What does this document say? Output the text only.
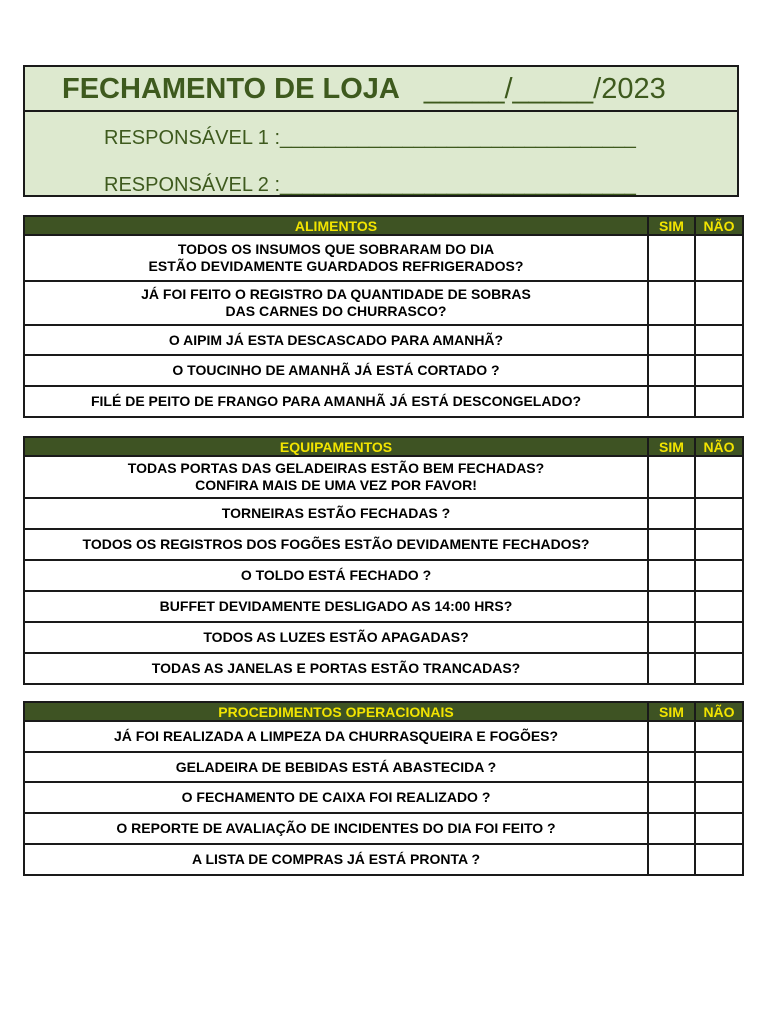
FECHAMENTO DE LOJA _____/_____/2023
RESPONSÁVEL 1 :________________________________
RESPONSÁVEL 2 :________________________________
ALIMENTOS	SIM	NÃO

TODOS OS INSUMOS QUE SOBRARAM DO DIA
ESTÃO DEVIDAMENTE GUARDADOS REFRIGERADOS?		

JÁ FOI FEITO O REGISTRO DA QUANTIDADE DE SOBRAS
DAS CARNES DO CHURRASCO?		

O AIPIM JÁ ESTA DESCASCADO PARA AMANHÃ?		

O TOUCINHO DE AMANHÃ JÁ ESTÁ CORTADO ?		

FILÉ DE PEITO DE FRANGO PARA AMANHÃ JÁ ESTÁ DESCONGELADO?		

EQUIPAMENTOS	SIM	NÃO

TODAS PORTAS DAS GELADEIRAS ESTÃO BEM FECHADAS?
CONFIRA MAIS DE UMA VEZ POR FAVOR!		

TORNEIRAS ESTÃO FECHADAS ?		

TODOS OS REGISTROS DOS FOGÕES ESTÃO DEVIDAMENTE FECHADOS?		

O TOLDO ESTÁ FECHADO ?		

BUFFET DEVIDAMENTE DESLIGADO AS 14:00 HRS?		

TODOS AS LUZES ESTÃO APAGADAS?		

TODAS AS JANELAS E PORTAS ESTÃO TRANCADAS?		

PROCEDIMENTOS OPERACIONAIS	SIM	NÃO

JÁ FOI REALIZADA A LIMPEZA DA CHURRASQUEIRA E FOGÕES?		

GELADEIRA DE BEBIDAS ESTÁ ABASTECIDA ?		

O FECHAMENTO DE CAIXA FOI REALIZADO ?		

O REPORTE DE AVALIAÇÃO DE INCIDENTES DO DIA FOI FEITO ?		

A LISTA DE COMPRAS JÁ ESTÁ PRONTA ?		
